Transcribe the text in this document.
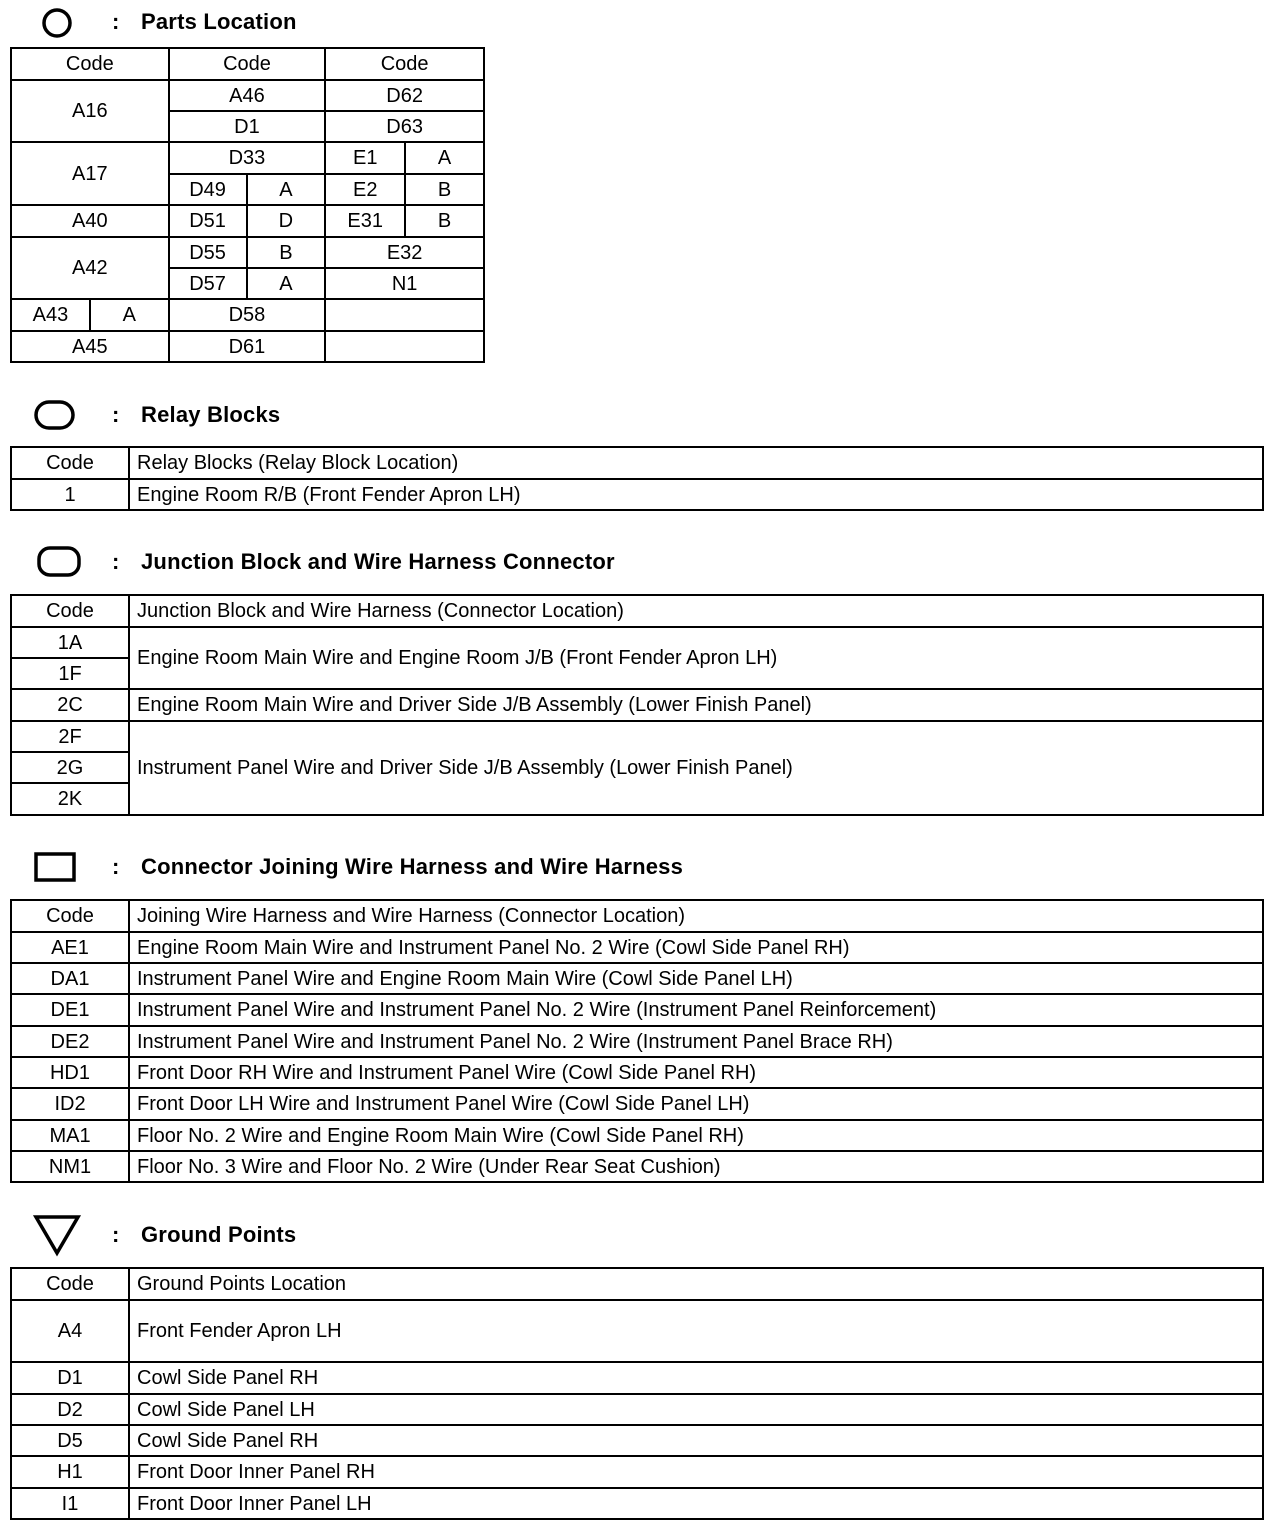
: Parts Location
Code		Code		Code	
A16		A46		D62	
		D1		D63	
A17		D33		E1	A
		D49	A	E2	B
A40		D51	D	E31	B
A42		D55	B	E32	
		D57	A	N1	
A43	A	D58			
A45		D61			
: Relay Blocks
Code	Relay Blocks (Relay Block Location)
1	Engine Room R/B (Front Fender Apron LH)
: Junction Block and Wire Harness Connector
Code	Junction Block and Wire Harness (Connector Location)
1A	Engine Room Main Wire and Engine Room J/B (Front Fender Apron LH)
1F	
2C	Engine Room Main Wire and Driver Side J/B Assembly (Lower Finish Panel)
2F	Instrument Panel Wire and Driver Side J/B Assembly (Lower Finish Panel)
2G	
2K	
: Connector Joining Wire Harness and Wire Harness
Code	Joining Wire Harness and Wire Harness (Connector Location)
AE1	Engine Room Main Wire and Instrument Panel No. 2 Wire (Cowl Side Panel RH)
DA1	Instrument Panel Wire and Engine Room Main Wire (Cowl Side Panel LH)
DE1	Instrument Panel Wire and Instrument Panel No. 2 Wire (Instrument Panel Reinforcement)
DE2	Instrument Panel Wire and Instrument Panel No. 2 Wire (Instrument Panel Brace RH)
HD1	Front Door RH Wire and Instrument Panel Wire (Cowl Side Panel RH)
ID2	Front Door LH Wire and Instrument Panel Wire (Cowl Side Panel LH)
MA1	Floor No. 2 Wire and Engine Room Main Wire (Cowl Side Panel RH)
NM1	Floor No. 3 Wire and Floor No. 2 Wire (Under Rear Seat Cushion)
: Ground Points
Code	Ground Points Location
A4	Front Fender Apron LH
D1	Cowl Side Panel RH
D2	Cowl Side Panel LH
D5	Cowl Side Panel RH
H1	Front Door Inner Panel RH
I1	Front Door Inner Panel LH
